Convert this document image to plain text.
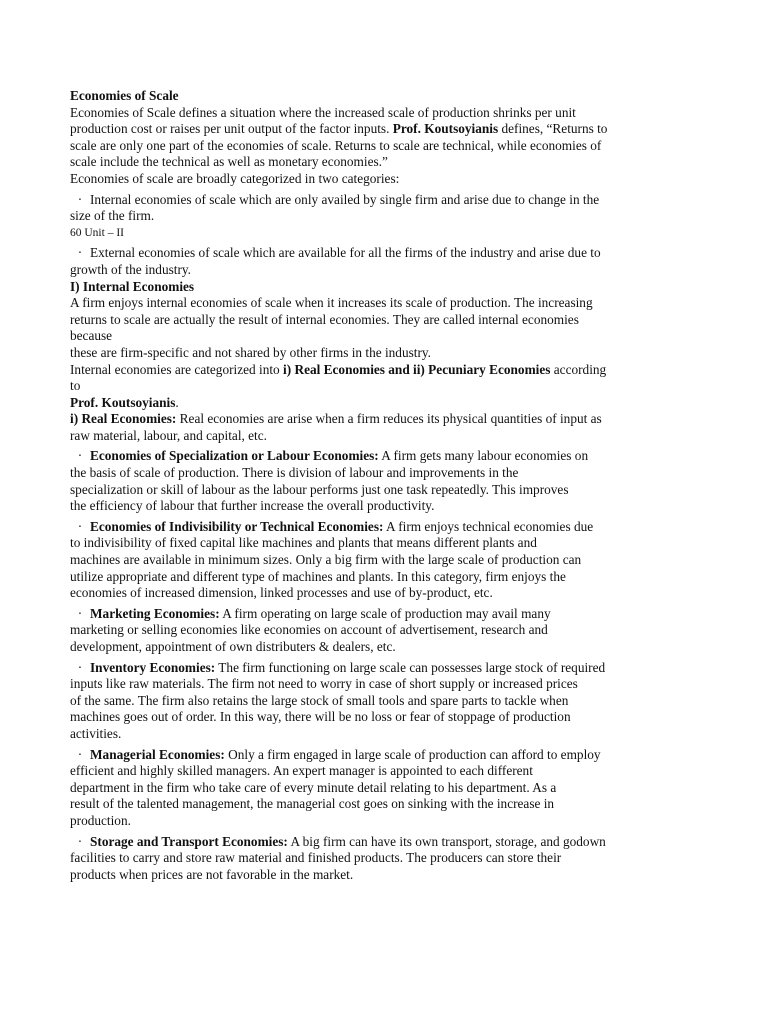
Economies of Scale

Economies of Scale defines a situation where the increased scale of production shrinks per unit
production cost or raises per unit output of the factor inputs. Prof. Koutsoyianis defines, “Returns to
scale are only one part of the economies of scale. Returns to scale are technical, while economies of
scale include the technical as well as monetary economies.”
Economies of scale are broadly categorized in two categories:
· Internal economies of scale which are only availed by single firm and arise due to change in the
size of the firm.
60 Unit – II
· External economies of scale which are available for all the firms of the industry and arise due to
growth of the industry.

I) Internal Economies

A firm enjoys internal economies of scale when it increases its scale of production. The increasing
returns to scale are actually the result of internal economies. They are called internal economies
because
these are firm-specific and not shared by other firms in the industry.
Internal economies are categorized into i) Real Economies and ii) Pecuniary Economies according
to
Prof. Koutsoyianis.
i) Real Economies: Real economies are arise when a firm reduces its physical quantities of input as
raw material, labour, and capital, etc.
· Economies of Specialization or Labour Economies: A firm gets many labour economies on
the basis of scale of production. There is division of labour and improvements in the
specialization or skill of labour as the labour performs just one task repeatedly. This improves
the efficiency of labour that further increase the overall productivity.
· Economies of Indivisibility or Technical Economies: A firm enjoys technical economies due
to indivisibility of fixed capital like machines and plants that means different plants and
machines are available in minimum sizes. Only a big firm with the large scale of production can
utilize appropriate and different type of machines and plants. In this category, firm enjoys the
economies of increased dimension, linked processes and use of by-product, etc.
· Marketing Economies: A firm operating on large scale of production may avail many
marketing or selling economies like economies on account of advertisement, research and
development, appointment of own distributers & dealers, etc.
· Inventory Economies: The firm functioning on large scale can possesses large stock of required
inputs like raw materials. The firm not need to worry in case of short supply or increased prices
of the same. The firm also retains the large stock of small tools and spare parts to tackle when
machines goes out of order. In this way, there will be no loss or fear of stoppage of production
activities.
· Managerial Economies: Only a firm engaged in large scale of production can afford to employ
efficient and highly skilled managers. An expert manager is appointed to each different
department in the firm who take care of every minute detail relating to his department. As a
result of the talented management, the managerial cost goes on sinking with the increase in
production.
· Storage and Transport Economies: A big firm can have its own transport, storage, and godown
facilities to carry and store raw material and finished products. The producers can store their
products when prices are not favorable in the market.
